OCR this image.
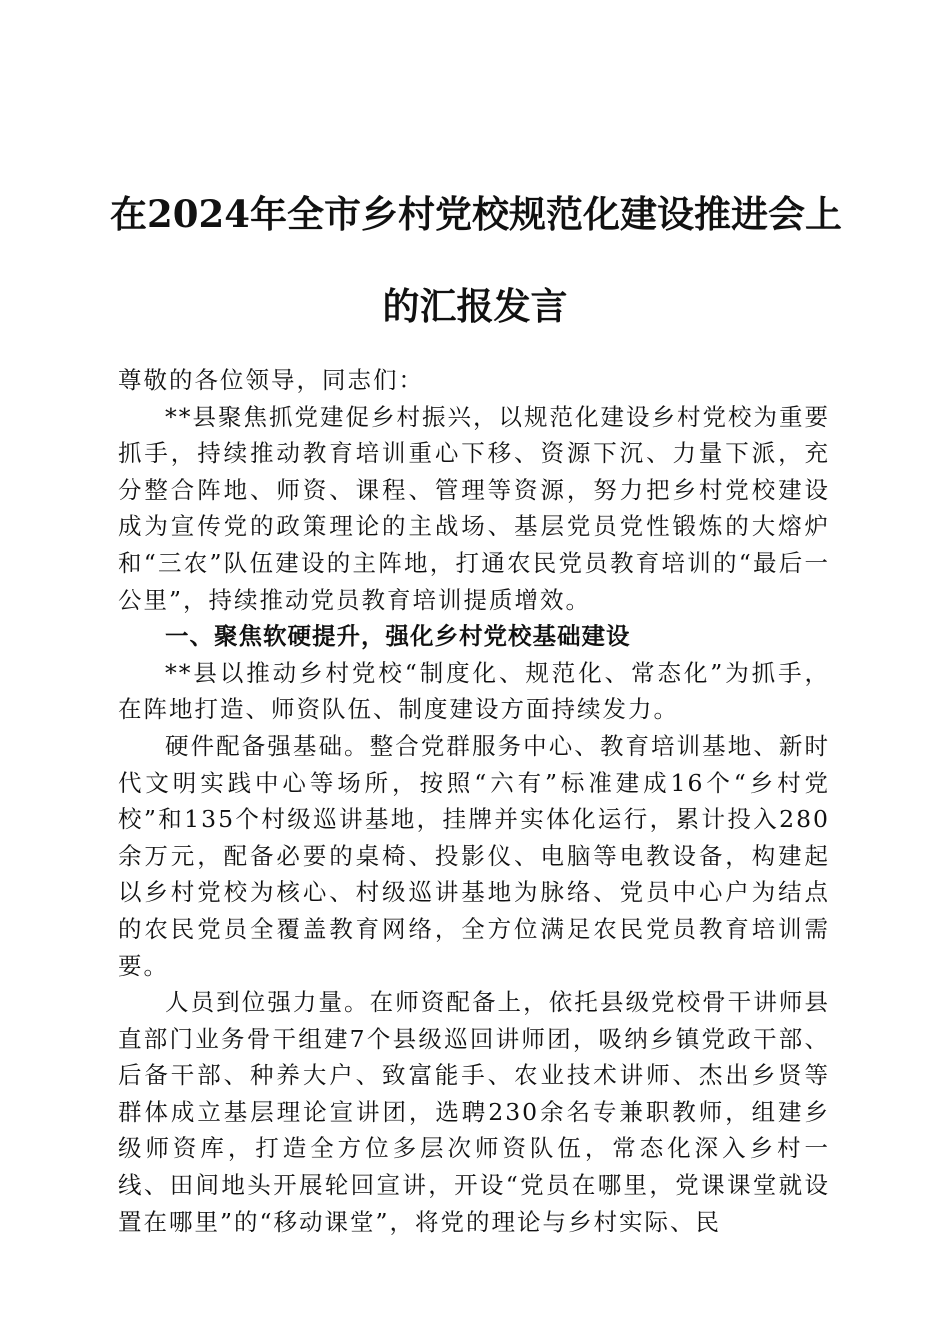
在2024年全市乡村党校规范化建设推进会上
的汇报发言

尊敬的各位领导，同志们：

**县聚焦抓党建促乡村振兴，以规范化建设乡村党校为重要抓手，持续推动教育培训重心下移、资源下沉、力量下派，充分整合阵地、师资、课程、管理等资源，努力把乡村党校建设成为宣传党的政策理论的主战场、基层党员党性锻炼的大熔炉和“三农”队伍建设的主阵地，打通农民党员教育培训的“最后一公里”，持续推动党员教育培训提质增效。

一、聚焦软硬提升，强化乡村党校基础建设

**县以推动乡村党校“制度化、规范化、常态化”为抓手，在阵地打造、师资队伍、制度建设方面持续发力。

硬件配备强基础。整合党群服务中心、教育培训基地、新时代文明实践中心等场所，按照“六有”标准建成16个“乡村党校”和135个村级巡讲基地，挂牌并实体化运行，累计投入280余万元，配备必要的桌椅、投影仪、电脑等电教设备，构建起以乡村党校为核心、村级巡讲基地为脉络、党员中心户为结点的农民党员全覆盖教育网络，全方位满足农民党员教育培训需要。

人员到位强力量。在师资配备上，依托县级党校骨干讲师县直部门业务骨干组建7个县级巡回讲师团，吸纳乡镇党政干部、后备干部、种养大户、致富能手、农业技术讲师、杰出乡贤等群体成立基层理论宣讲团，选聘230余名专兼职教师，组建乡级师资库，打造全方位多层次师资队伍，常态化深入乡村一线、田间地头开展轮回宣讲，开设“党员在哪里，党课课堂就设置在哪里”的“移动课堂”，将党的理论与乡村实际、民
